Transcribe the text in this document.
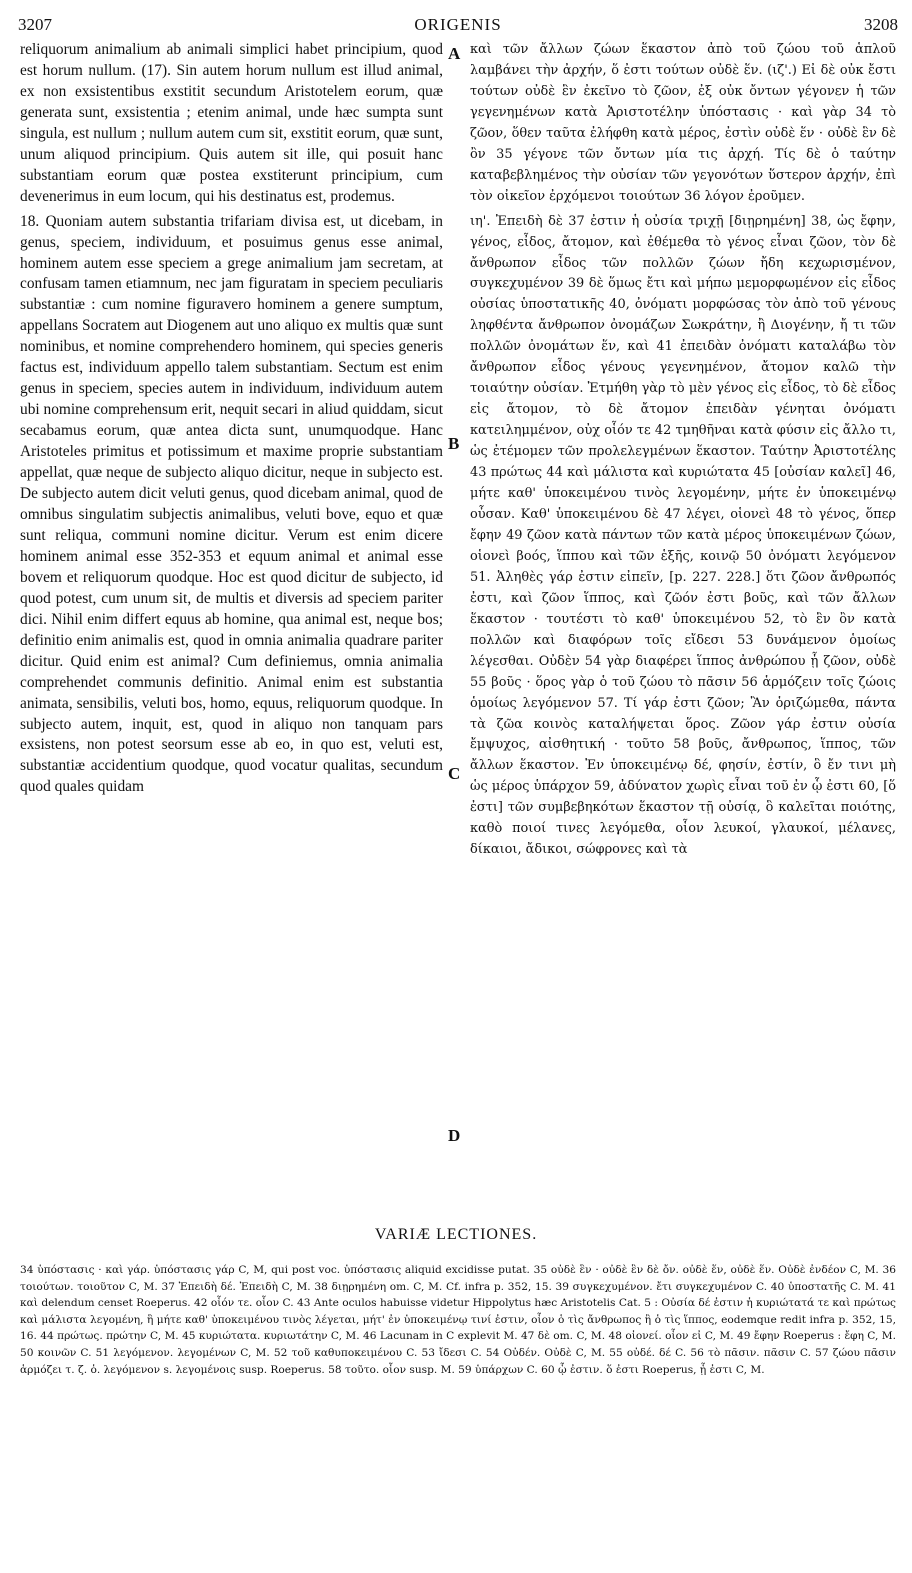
3207	ORIGENIS	3208

reliquorum animalium ab animali simplici habet principium, quod est horum nullum. (17). Sin autem horum nullum est illud animal, ex non exsistentibus exstitit secundum Aristotelem eorum, quæ generata sunt, exsistentia ; etenim animal, unde hæc sumpta sunt singula, est nullum ; nullum autem cum sit, exstitit eorum, quæ sunt, unum aliquod principium. Quis autem sit ille, qui posuit hanc substantiam eorum quæ postea exstiterunt principium, cum devenerimus in eum locum, qui his destinatus est, prodemus.

18. Quoniam autem substantia trifariam divisa est, ut dicebam, in genus, speciem, individuum, et posuimus genus esse animal, hominem autem esse speciem a grege animalium jam secretam, at confusam tamen etiamnum, nec jam figuratam in speciem peculiaris substantiæ : cum nomine figuravero hominem a genere sumptum, appellans Socratem aut Diogenem aut uno aliquo ex multis quæ sunt nominibus, et nomine comprehendero hominem, qui species generis factus est, individuum appello talem substantiam. Sectum est enim genus in speciem, species autem in individuum, individuum autem ubi nomine comprehensum erit, nequit secari in aliud quiddam, sicut secabamus eorum, quæ antea dicta sunt, unumquodque. Hanc Aristoteles primitus et potissimum et maxime proprie substantiam appellat, quæ neque de subjecto aliquo dicitur, neque in subjecto est. De subjecto autem dicit veluti genus, quod dicebam animal, quod de omnibus singulatim subjectis animalibus, veluti bove, equo et quæ sunt reliqua, communi nomine dicitur. Verum est enim dicere hominem animal esse 352-353 et equum animal et animal esse bovem et reliquorum quodque. Hoc est quod dicitur de subjecto, id quod potest, cum unum sit, de multis et diversis ad speciem pariter dici. Nihil enim differt equus ab homine, qua animal est, neque bos; definitio enim animalis est, quod in omnia animalia quadrare pariter dicitur. Quid enim est animal? Cum definiemus, omnia animalia comprehendet communis definitio. Animal enim est substantia animata, sensibilis, veluti bos, homo, equus, reliquorum quodque. In subjecto autem, inquit, est, quod in aliquo non tanquam pars exsistens, non potest seorsum esse ab eo, in quo est, veluti est, substantiæ accidentium quodque, quod vocatur qualitas, secundum quod quales quidam

A
B
C
D

καὶ τῶν ἄλλων ζώων ἕκαστον ἀπὸ τοῦ ζώου τοῦ ἁπλοῦ λαμβάνει τὴν ἀρχήν, ὅ ἐστι τούτων οὐδὲ ἕν. (ιζ'.) Εἰ δὲ οὐκ ἔστι τούτων οὐδὲ ἓν ἐκεῖνο τὸ ζῶον, ἐξ οὐκ ὄντων γέγονεν ἡ τῶν γεγενημένων κατὰ Ἀριστοτέλην ὑπόστασις · καὶ γὰρ 34 τὸ ζῶον, ὅθεν ταῦτα ἐλήφθη κατὰ μέρος, ἐστὶν οὐδὲ ἕν · οὐδὲ ἓν δὲ ὂν 35 γέγονε τῶν ὄντων μία τις ἀρχή. Τίς δὲ ὁ ταύτην καταβεβλημένος τὴν οὐσίαν τῶν γεγονότων ὕστερον ἀρχήν, ἐπὶ τὸν οἰκεῖον ἐρχόμενοι τοιούτων 36 λόγον ἐροῦμεν.

ιη'. Ἐπειδὴ δὲ 37 ἐστιν ἡ οὐσία τριχῇ [διῃρημένη] 38, ὡς ἔφην, γένος, εἶδος, ἄτομον, καὶ ἐθέμεθα τὸ γένος εἶναι ζῶον, τὸν δὲ ἄνθρωπον εἶδος τῶν πολλῶν ζώων ἤδη κεχωρισμένον, συγκεχυμένον 39 δὲ ὅμως ἔτι καὶ μήπω μεμορφωμένον εἰς εἶδος οὐσίας ὑποστατικῆς 40, ὀνόματι μορφώσας τὸν ἀπὸ τοῦ γένους ληφθέντα ἄνθρωπον ὀνομάζων Σωκράτην, ἢ Διογένην, ἤ τι τῶν πολλῶν ὀνομάτων ἕν, καὶ 41 ἐπειδὰν ὀνόματι καταλάβω τὸν ἄνθρωπον εἶδος γένους γεγενημένον, ἄτομον καλῶ τὴν τοιαύτην οὐσίαν. Ἐτμήθη γὰρ τὸ μὲν γένος εἰς εἶδος, τὸ δὲ εἶδος εἰς ἄτομον, τὸ δὲ ἄτομον ἐπειδὰν γένηται ὀνόματι κατειλημμένον, οὐχ οἷόν τε 42 τμηθῆναι κατὰ φύσιν εἰς ἄλλο τι, ὡς ἐτέμομεν τῶν προλελεγμένων ἕκαστον. Ταύτην Ἀριστοτέλης 43 πρώτως 44 καὶ μάλιστα καὶ κυριώτατα 45 [οὐσίαν καλεῖ] 46, μήτε καθ' ὑποκειμένου τινὸς λεγομένην, μήτε ἐν ὑποκειμένῳ οὖσαν. Καθ' ὑποκειμένου δὲ 47 λέγει, οἱονεὶ 48 τὸ γένος, ὅπερ ἔφην 49 ζῶον κατὰ πάντων τῶν κατὰ μέρος ὑποκειμένων ζώων, οἱονεὶ βοός, ἵππου καὶ τῶν ἑξῆς, κοινῷ 50 ὀνόματι λεγόμενον 51. Ἀληθὲς γάρ ἐστιν εἰπεῖν, [p. 227. 228.] ὅτι ζῶον ἄνθρωπός ἐστι, καὶ ζῶον ἵππος, καὶ ζῶόν ἐστι βοῦς, καὶ τῶν ἄλλων ἕκαστον · τουτέστι τὸ καθ' ὑποκειμένου 52, τὸ ἓν ὂν κατὰ πολλῶν καὶ διαφόρων τοῖς εἴδεσι 53 δυνάμενον ὁμοίως λέγεσθαι. Οὐδὲν 54 γὰρ διαφέρει ἵππος ἀνθρώπου ᾗ ζῶον, οὐδὲ 55 βοῦς · ὅρος γὰρ ὁ τοῦ ζώου τὸ πᾶσιν 56 ἁρμόζειν τοῖς ζώοις ὁμοίως λεγόμενον 57. Τί γάρ ἐστι ζῶον; Ἂν ὁριζώμεθα, πάντα τὰ ζῶα κοινὸς καταλήψεται ὅρος. Ζῶον γάρ ἐστιν οὐσία ἔμψυχος, αἰσθητική · τοῦτο 58 βοῦς, ἄνθρωπος, ἵππος, τῶν ἄλλων ἕκαστον. Ἐν ὑποκειμένῳ δέ, φησίν, ἐστίν, ὃ ἔν τινι μὴ ὡς μέρος ὑπάρχον 59, ἀδύνατον χωρὶς εἶναι τοῦ ἐν ᾧ ἐστι 60, [ὅ ἐστι] τῶν συμβεβηκότων ἕκαστον τῇ οὐσίᾳ, ὃ καλεῖται ποιότης, καθὸ ποιοί τινες λεγόμεθα, οἷον λευκοί, γλαυκοί, μέλανες, δίκαιοι, ἄδικοι, σώφρονες καὶ τὰ

VARIÆ LECTIONES.

34 ὑπόστασις · καὶ γάρ. ὑπόστασις γάρ C, M, qui post voc. ὑπόστασις aliquid excidisse putat. 35 οὐδὲ ἓν · οὐδὲ ἓν δὲ ὄν. οὐδὲ ἕν, οὐδὲ ἕν. Οὐδὲ ἐνδέον C, M. 36 τοιούτων. τοιοῦτον C, M. 37 Ἐπειδὴ δέ. Ἐπειδὴ C, M. 38 διῃρημένη om. C, M. Cf. infra p. 352, 15. 39 συγκεχυμένον. ἔτι συγκεχυμένον C. 40 ὑποστατῆς C. M. 41 καὶ delendum censet Roeperus. 42 οἷόν τε. οἷον C. 43 Ante oculos habuisse videtur Hippolytus hæc Aristotelis Cat. 5 : Οὐσία δέ ἐστιν ἡ κυριώτατά τε καὶ πρώτως καὶ μάλιστα λεγομένη, ἣ μήτε καθ' ὑποκειμένου τινὸς λέγεται, μήτ' ἐν ὑποκειμένῳ τινί ἐστιν, οἷον ὁ τὶς ἄνθρωπος ἢ ὁ τὶς ἵππος, eodemque redit infra p. 352, 15, 16. 44 πρώτως. πρώτην C, M. 45 κυριώτατα. κυριωτάτην C, M. 46 Lacunam in C explevit M. 47 δὲ om. C, M. 48 οἱονεί. οἷον εἰ C, M. 49 ἔφην Roeperus : ἔφη C, M. 50 κοινῶν C. 51 λεγόμενον. λεγομένων C, M. 52 τοῦ καθυποκειμένου C. 53 ἴδεσι C. 54 Οὐδέν. Οὐδὲ C, M. 55 οὐδέ. δέ C. 56 τὸ πᾶσιν. πᾶσιν C. 57 ζώου πᾶσιν ἁρμόζει τ. ζ. ὁ. λεγόμενον s. λεγομένοις susp. Roeperus. 58 τοῦτο. οἷον susp. M. 59 ὑπάρχων C. 60 ᾧ ἐστιν. ὅ ἐστι Roeperus, ᾗ ἐστι C, M.
